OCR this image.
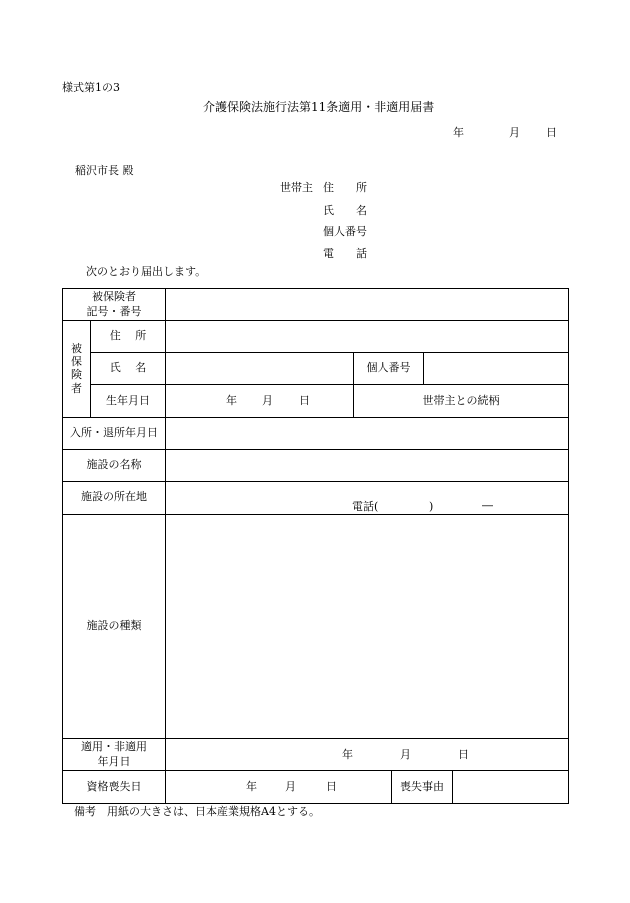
様式第1の3
介護保険法施行法第11条適用・非適用届書
年	月 日
稲沢市長 殿
世帯主 住　　所
氏　　名
個人番号
電　　話
次のとおり届出します。
被保険者
記号・番号						

被
保
険
者	住　 所					
	氏　 名		個人番号			
	生年月日	年 月 日	世帯主との続柄			
入所・退所年月日						
施設の名称						
施設の所在地		電話( ) ―				

施設の種類						

適用・非適用
年月日		年 月 日				

資格喪失日		年 月 日		喪失事由		
備考　用紙の大きさは、日本産業規格A4とする。
